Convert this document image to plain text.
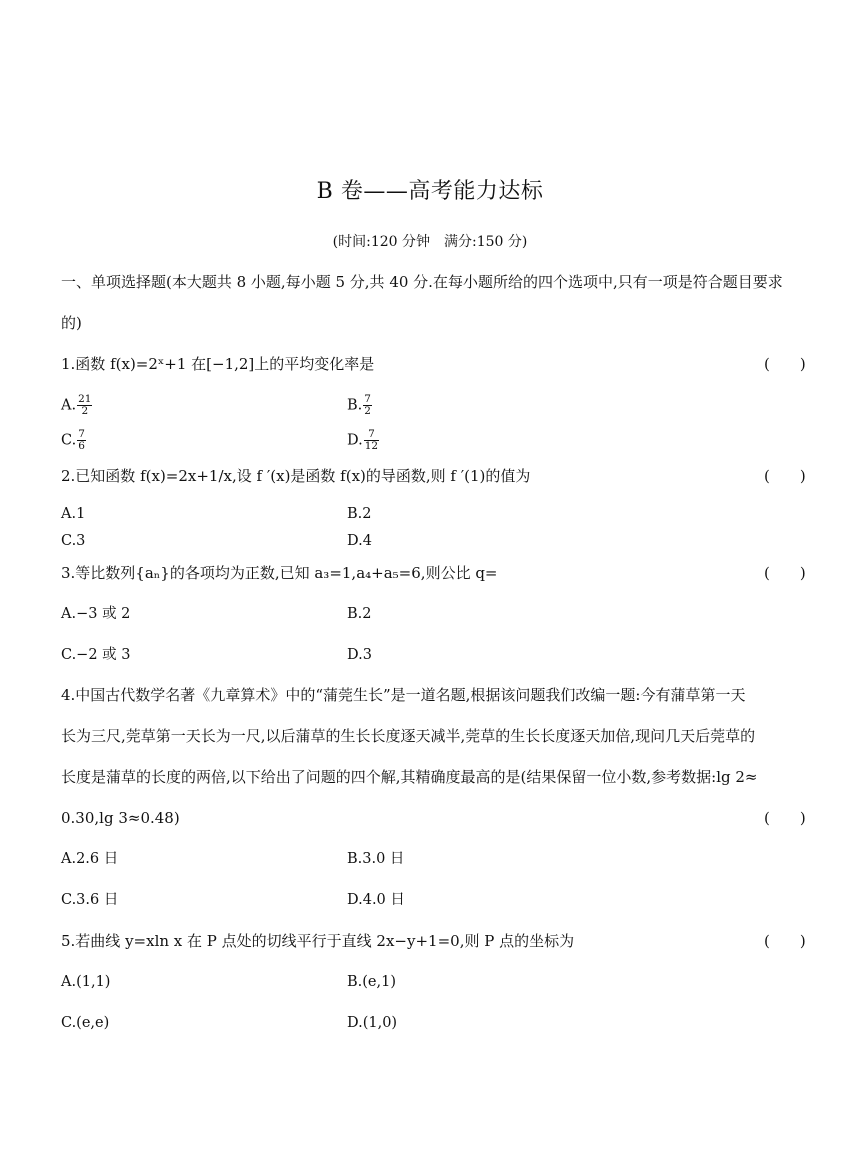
B 卷——高考能力达标
(时间:120 分钟　满分:150 分)
一、单项选择题(本大题共 8 小题,每小题 5 分,共 40 分.在每小题所给的四个选项中,只有一项是符合题目要求
的)
1.函数 f(x)=2ˣ+1 在[−1,2]上的平均变化率是	(　　)
A. $\frac{21}{2}$	B. $\frac{7}{2}$
C. $\frac{7}{6}$	D. $\frac{7}{12}$
2.已知函数 f(x)=2x+1/x,设 f ′(x)是函数 f(x)的导函数,则 f ′(1)的值为	(　　)
A.1	B.2
C.3	D.4
3.等比数列{aₙ}的各项均为正数,已知 a₃=1,a₄+a₅=6,则公比 q=	(　　)
A.−3 或 2	B.2
C.−2 或 3	D.3
4.中国古代数学名著《九章算术》中的“蒲莞生长”是一道名题,根据该问题我们改编一题:今有蒲草第一天
长为三尺,莞草第一天长为一尺,以后蒲草的生长长度逐天减半,莞草的生长长度逐天加倍,现问几天后莞草的
长度是蒲草的长度的两倍,以下给出了问题的四个解,其精确度最高的是(结果保留一位小数,参考数据:lg 2≈
0.30,lg 3≈0.48)	(　　)
A.2.6 日	B.3.0 日
C.3.6 日	D.4.0 日
5.若曲线 y=xln x 在 P 点处的切线平行于直线 2x−y+1=0,则 P 点的坐标为	(　　)
A.(1,1)	B.(e,1)
C.(e,e)	D.(1,0)
